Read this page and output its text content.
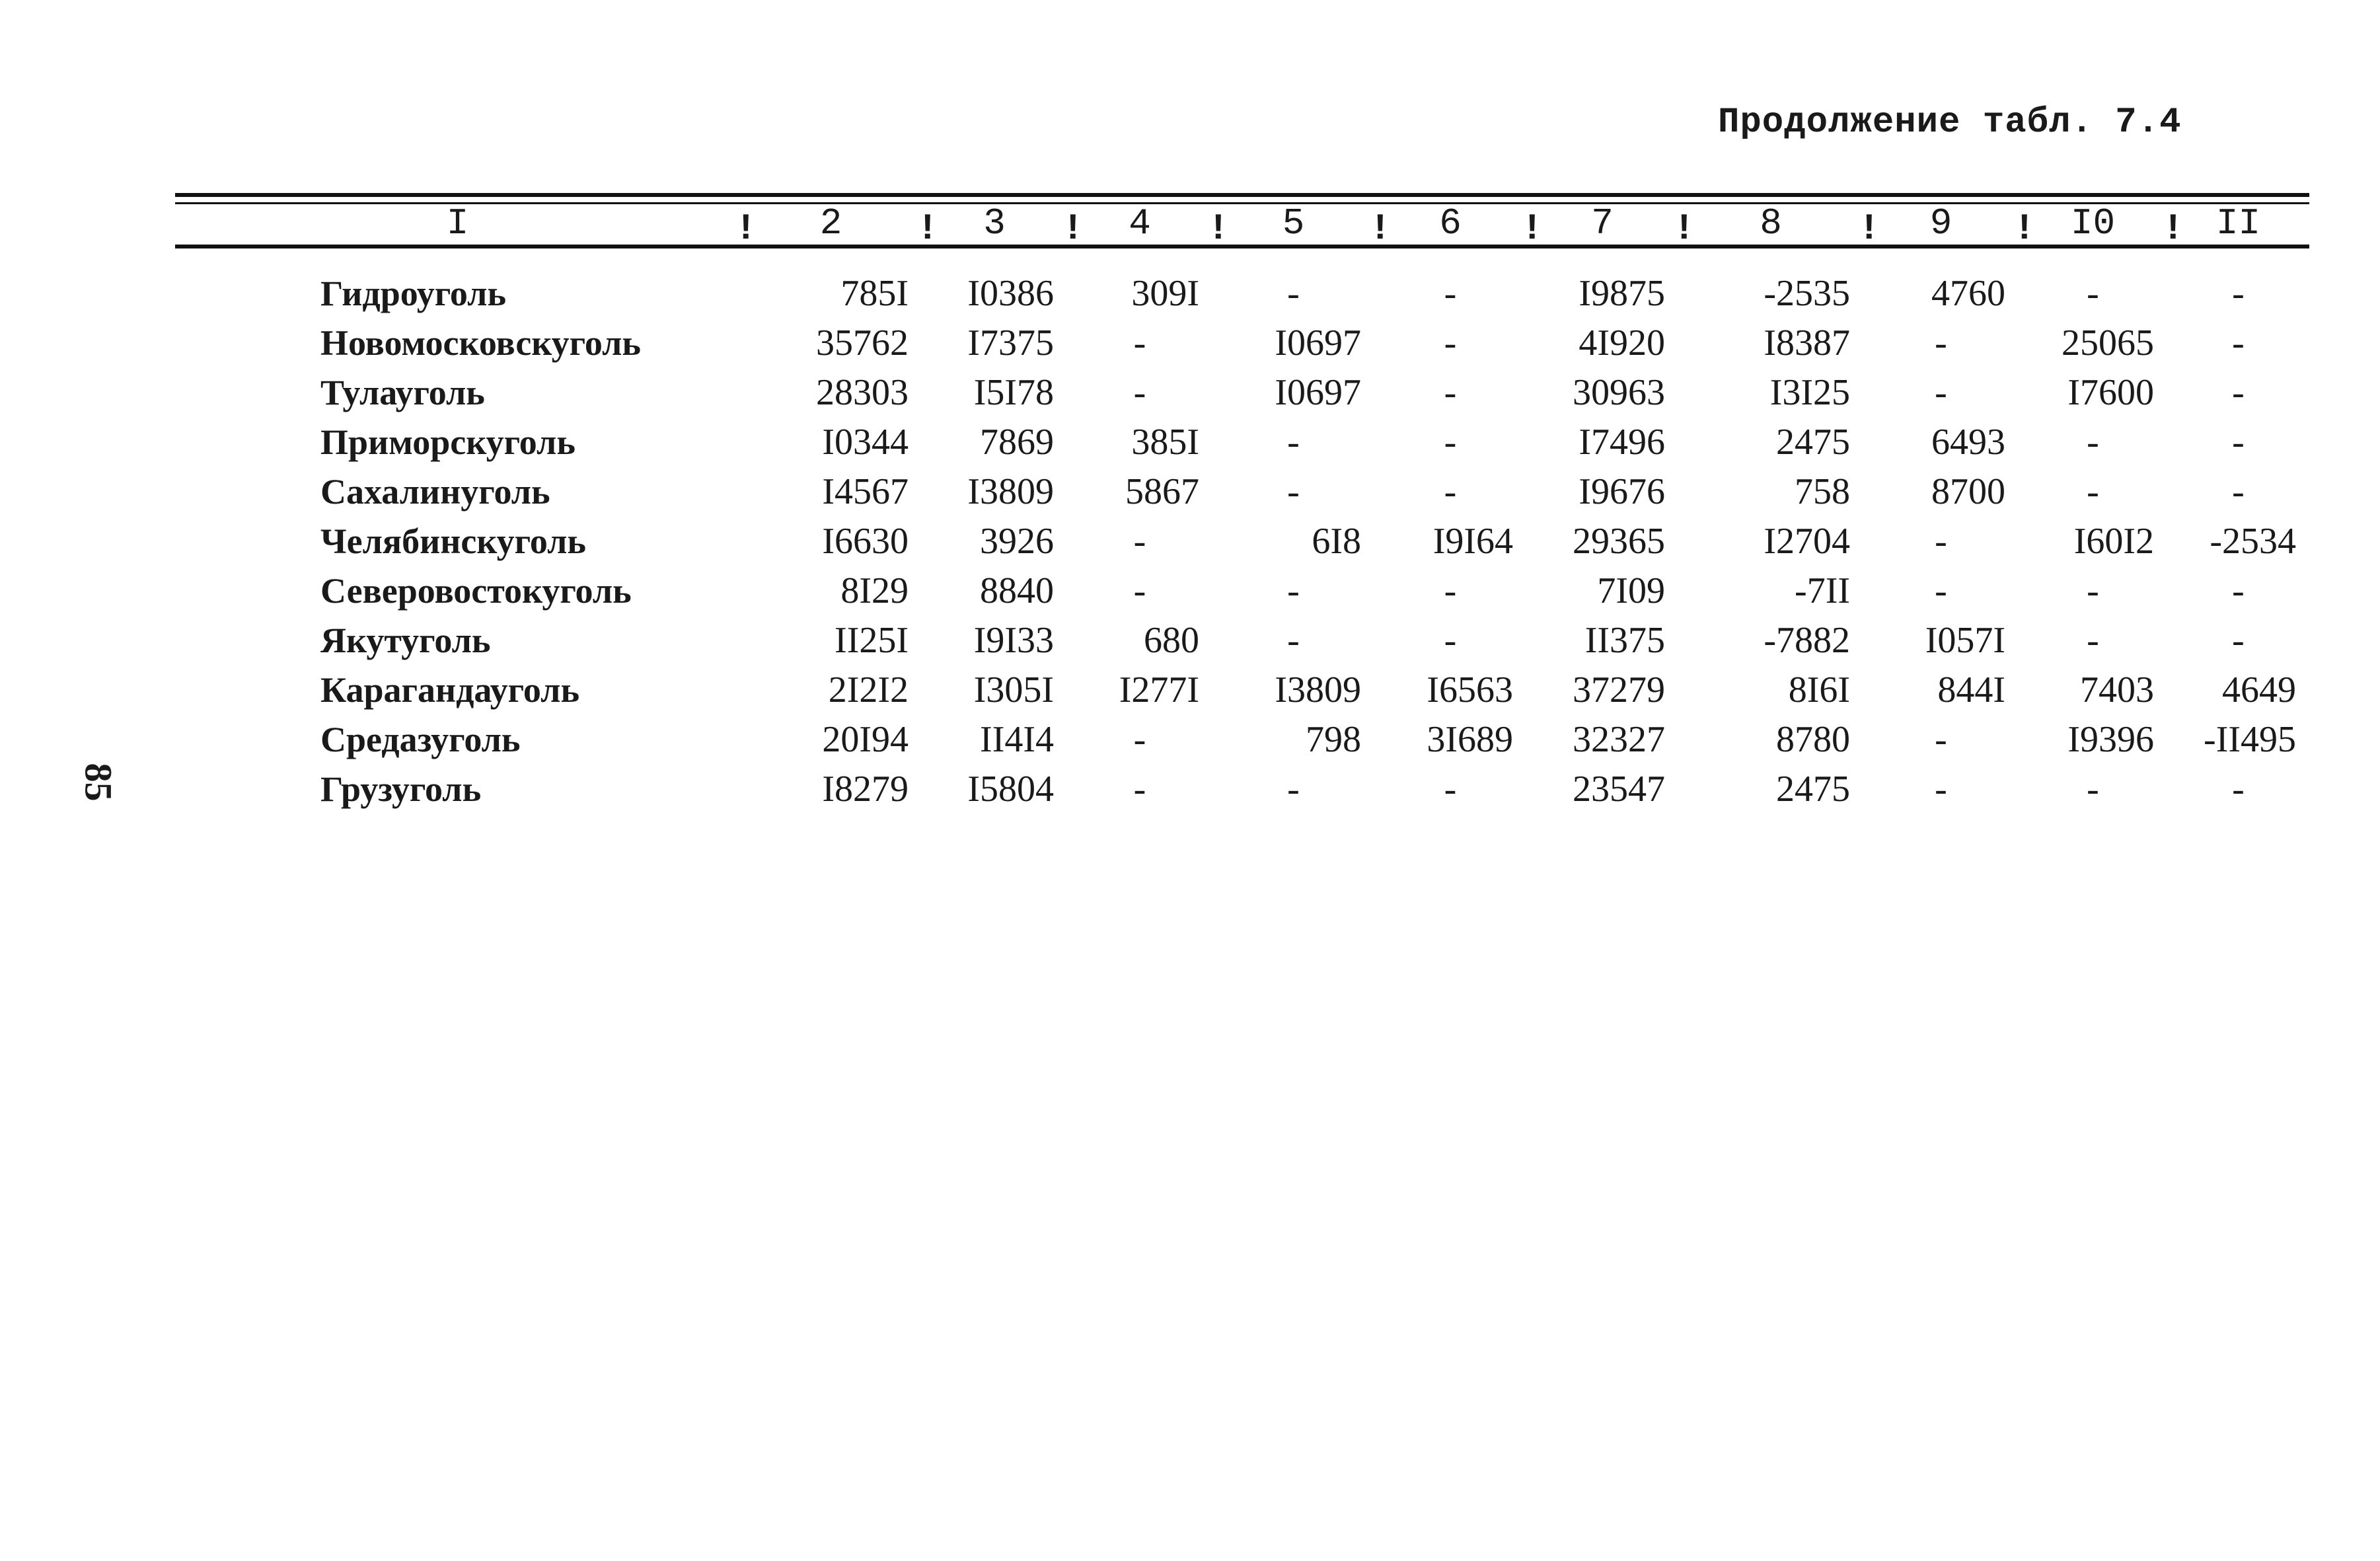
Продолжение табл. 7.4
85
I	! 2	! 3	! 4	! 5	! 6	! 7	! 8	! 9	! I0	! II
Гидроуголь	785I	I0386	309I	-	-	I9875	-2535	4760	-	-
Новомосковскуголь	35762	I7375	-	I0697	-	4I920	I8387	-	25065	-
Тулауголь	28303	I5I78	-	I0697	-	30963	I3I25	-	I7600	-
Приморскуголь	I0344	7869	385I	-	-	I7496	2475	6493	-	-
Сахалинуголь	I4567	I3809	5867	-	-	I9676	758	8700	-	-
Челябинскуголь	I6630	3926	-	6I8	I9I64	29365	I2704	-	I60I2	-2534
Северовостокуголь	8I29	8840	-	-	-	7I09	-7II	-	-	-
Якутуголь	II25I	I9I33	680	-	-	II375	-7882	I057I	-	-
Карагандауголь	2I2I2	I305I	I277I	I3809	I6563	37279	8I6I	844I	7403	4649
Средазуголь	20I94	II4I4	-	798	3I689	32327	8780	-	I9396	-II495
Грузуголь	I8279	I5804	-	-	-	23547	2475	-	-	-
